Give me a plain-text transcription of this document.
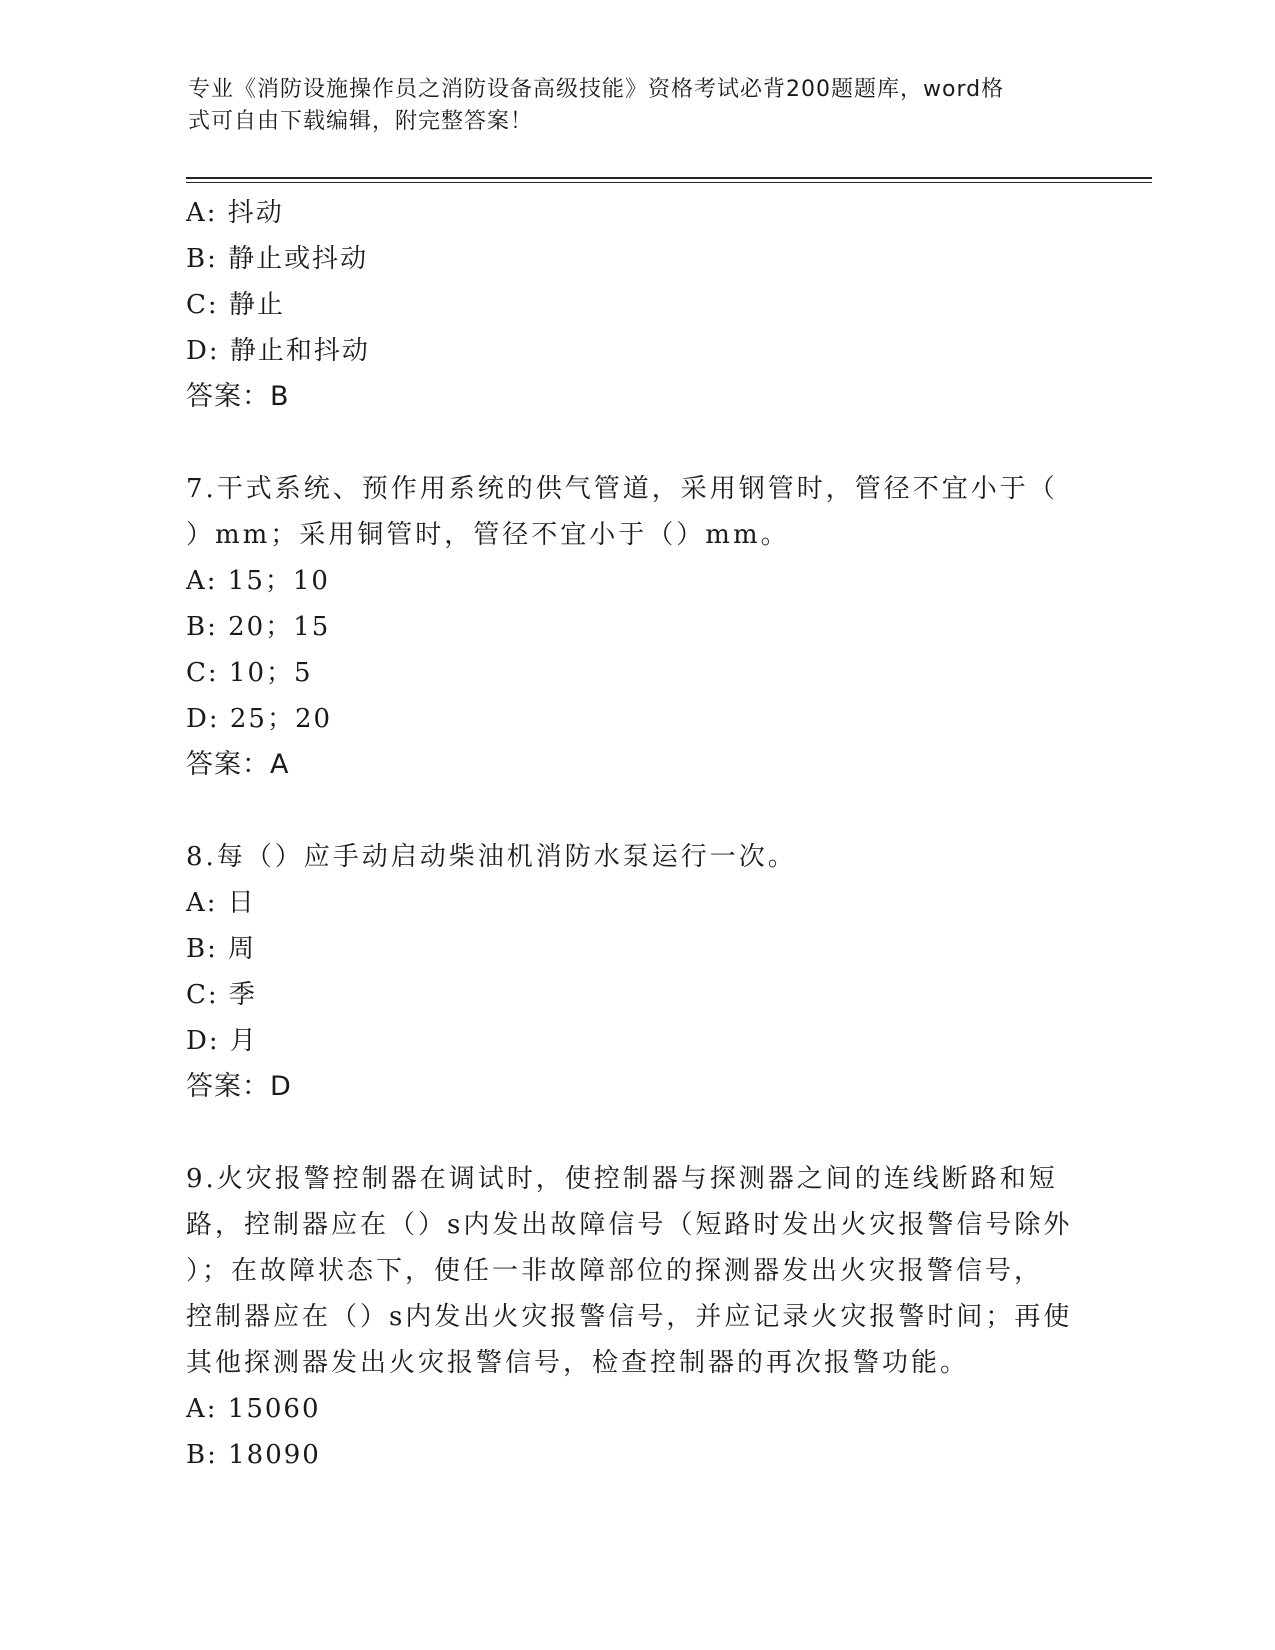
专业《消防设施操作员之消防设备高级技能》资格考试必背200题题库，word格
式可自由下载编辑，附完整答案！
A: 抖动
B: 静止或抖动
C: 静止
D: 静止和抖动
答案：B
7.干式系统、预作用系统的供气管道，采用钢管时，管径不宜小于（
）mm；采用铜管时，管径不宜小于（）mm。
A: 15；10
B: 20；15
C: 10；5
D: 25；20
答案：A
8.每（）应手动启动柴油机消防水泵运行一次。
A: 日
B: 周
C: 季
D: 月
答案：D
9.火灾报警控制器在调试时，使控制器与探测器之间的连线断路和短
路，控制器应在（）s内发出故障信号（短路时发出火灾报警信号除外
）；在故障状态下，使任一非故障部位的探测器发出火灾报警信号，
控制器应在（）s内发出火灾报警信号，并应记录火灾报警时间；再使
其他探测器发出火灾报警信号，检查控制器的再次报警功能。
A: 15060
B: 18090
